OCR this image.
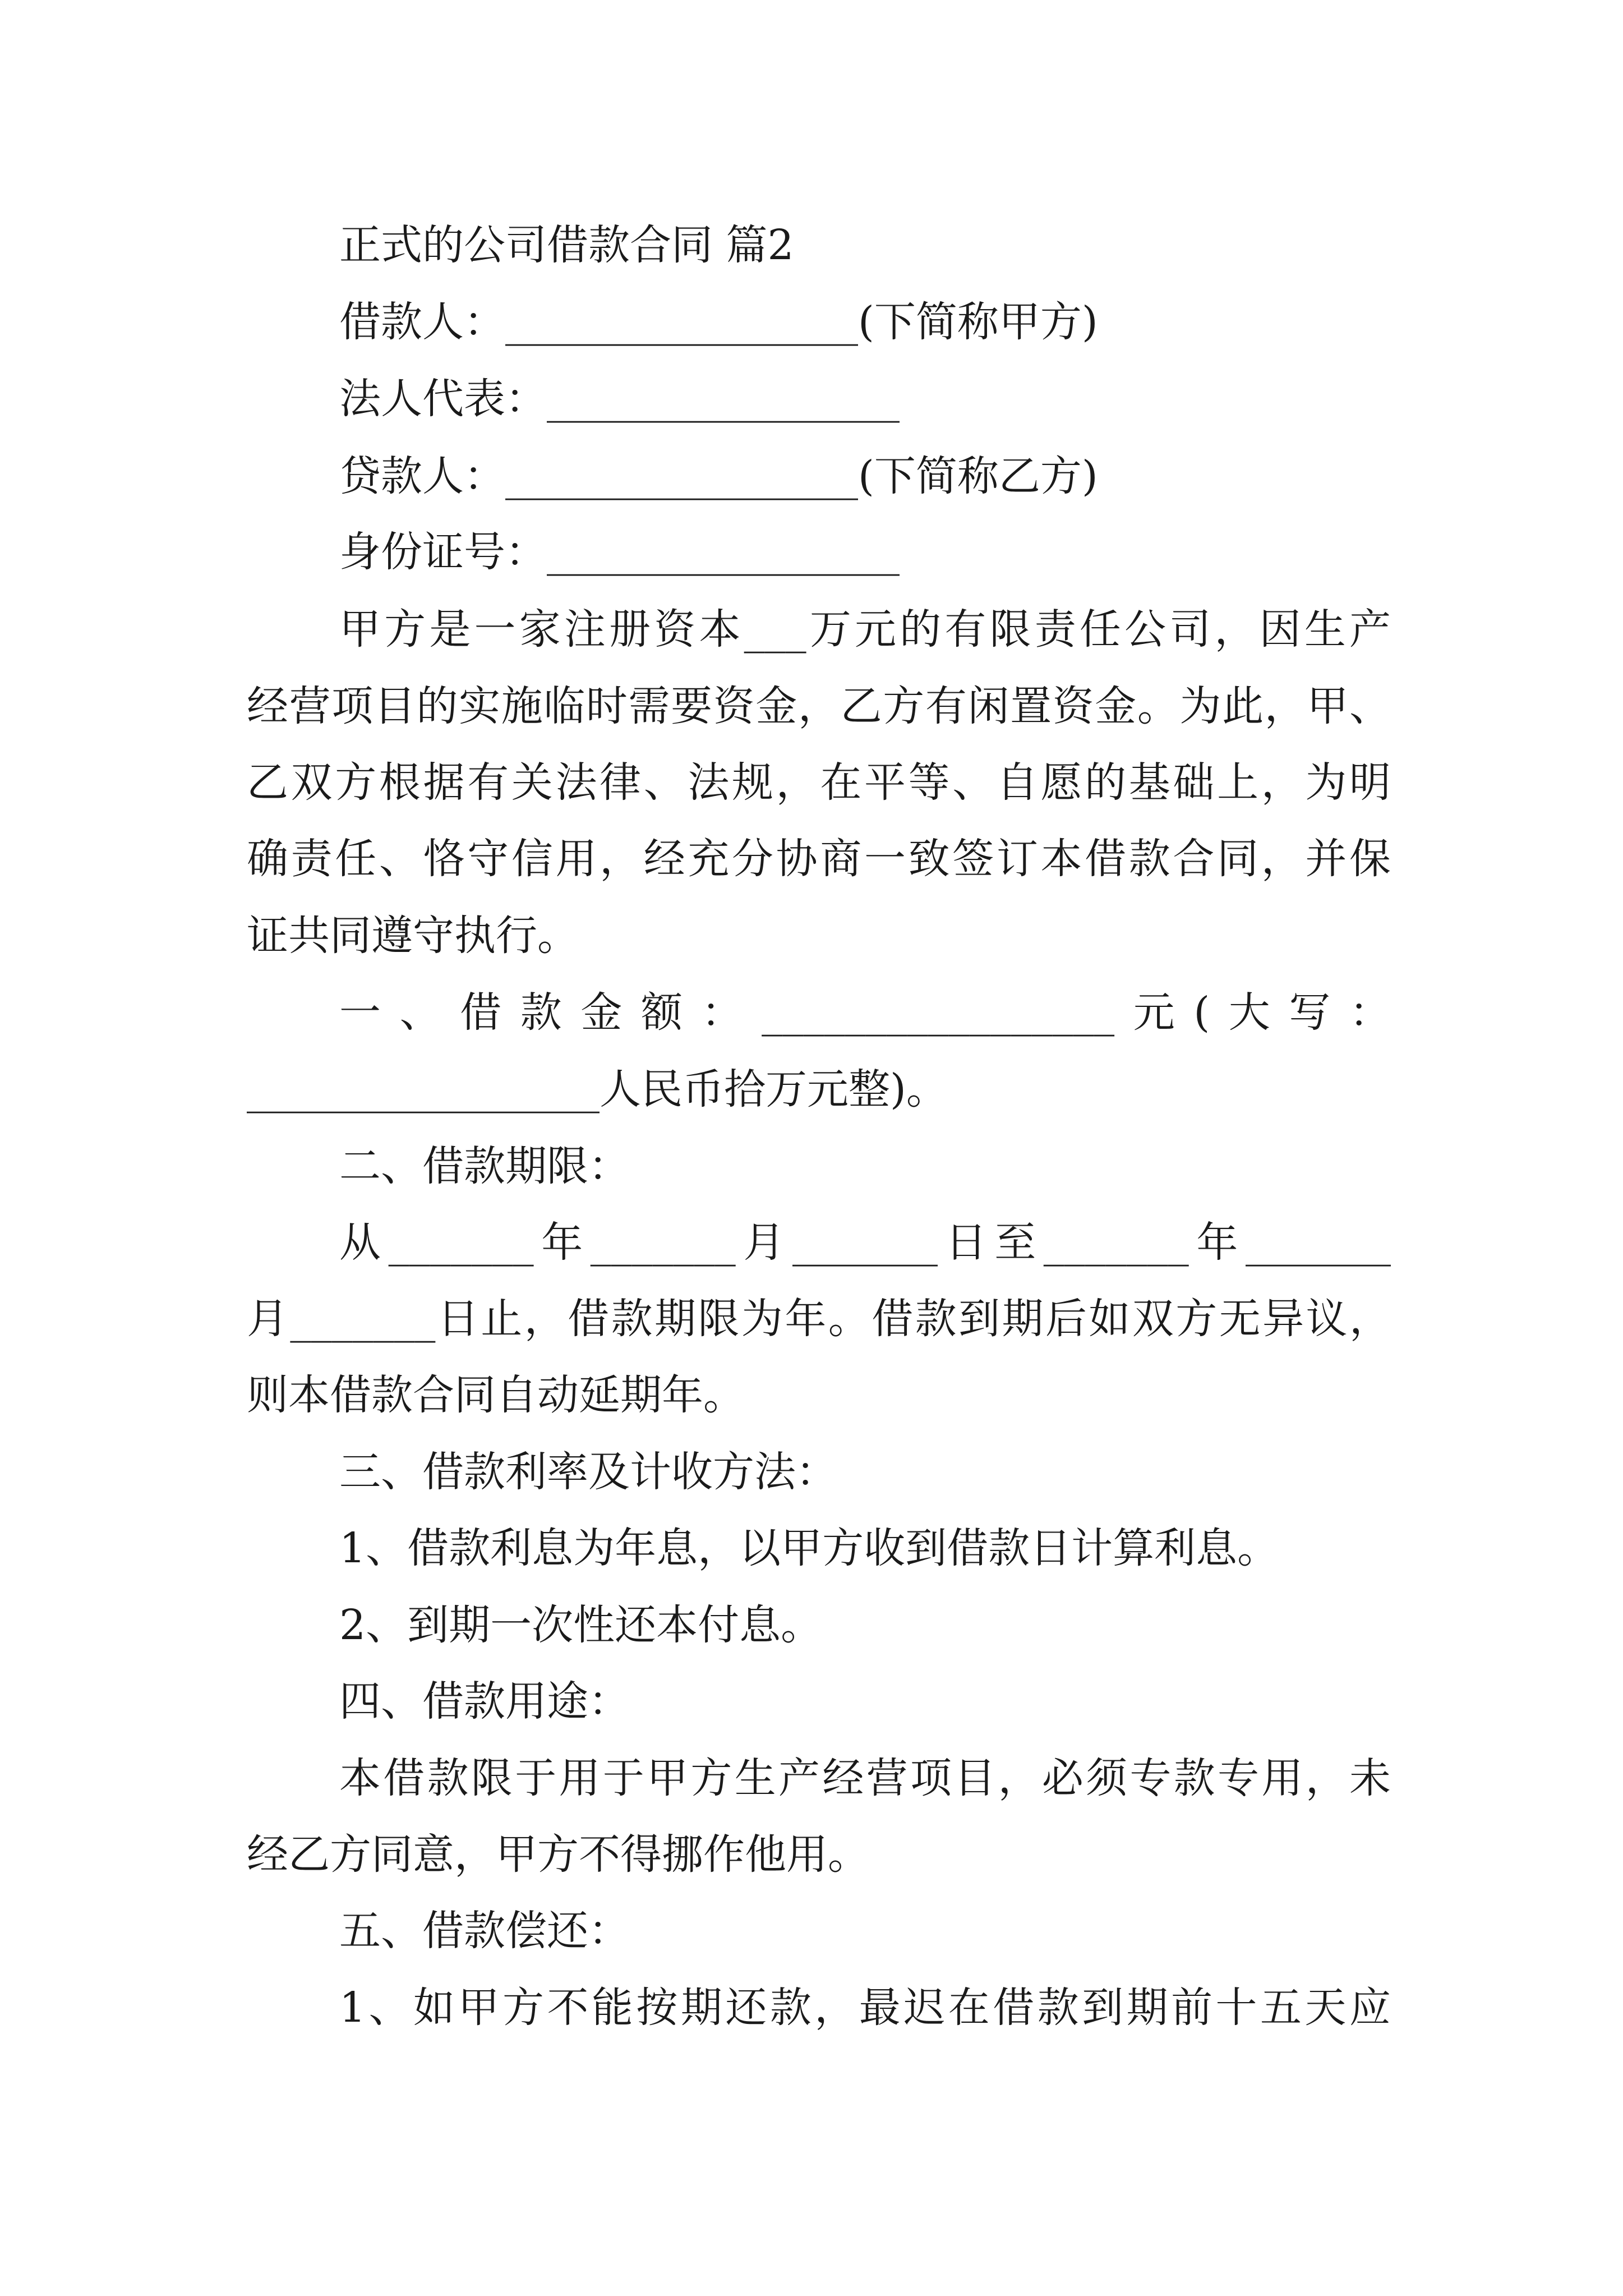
正式的公司借款合同 篇2
借款人：_________________(下简称甲方)
法人代表：_________________
贷款人：_________________(下简称乙方)
身份证号：_________________
甲方是一家注册资本___万元的有限责任公司，因生产
经营项目的实施临时需要资金，乙方有闲置资金。为此，甲、
乙双方根据有关法律、法规，在平等、自愿的基础上，为明
确责任、恪守信用，经充分协商一致签订本借款合同，并保
证共同遵守执行。
一、借款金额：_________________元(大写：
_________________人民币拾万元整)。
二、借款期限：
从_______年_______月_______日至_______年_______
月_______日止，借款期限为年。借款到期后如双方无异议，
则本借款合同自动延期年。
三、借款利率及计收方法：
1、借款利息为年息，以甲方收到借款日计算利息。
2、到期一次性还本付息。
四、借款用途：
本借款限于用于甲方生产经营项目，必须专款专用，未
经乙方同意，甲方不得挪作他用。
五、借款偿还：
1、如甲方不能按期还款，最迟在借款到期前十五天应
